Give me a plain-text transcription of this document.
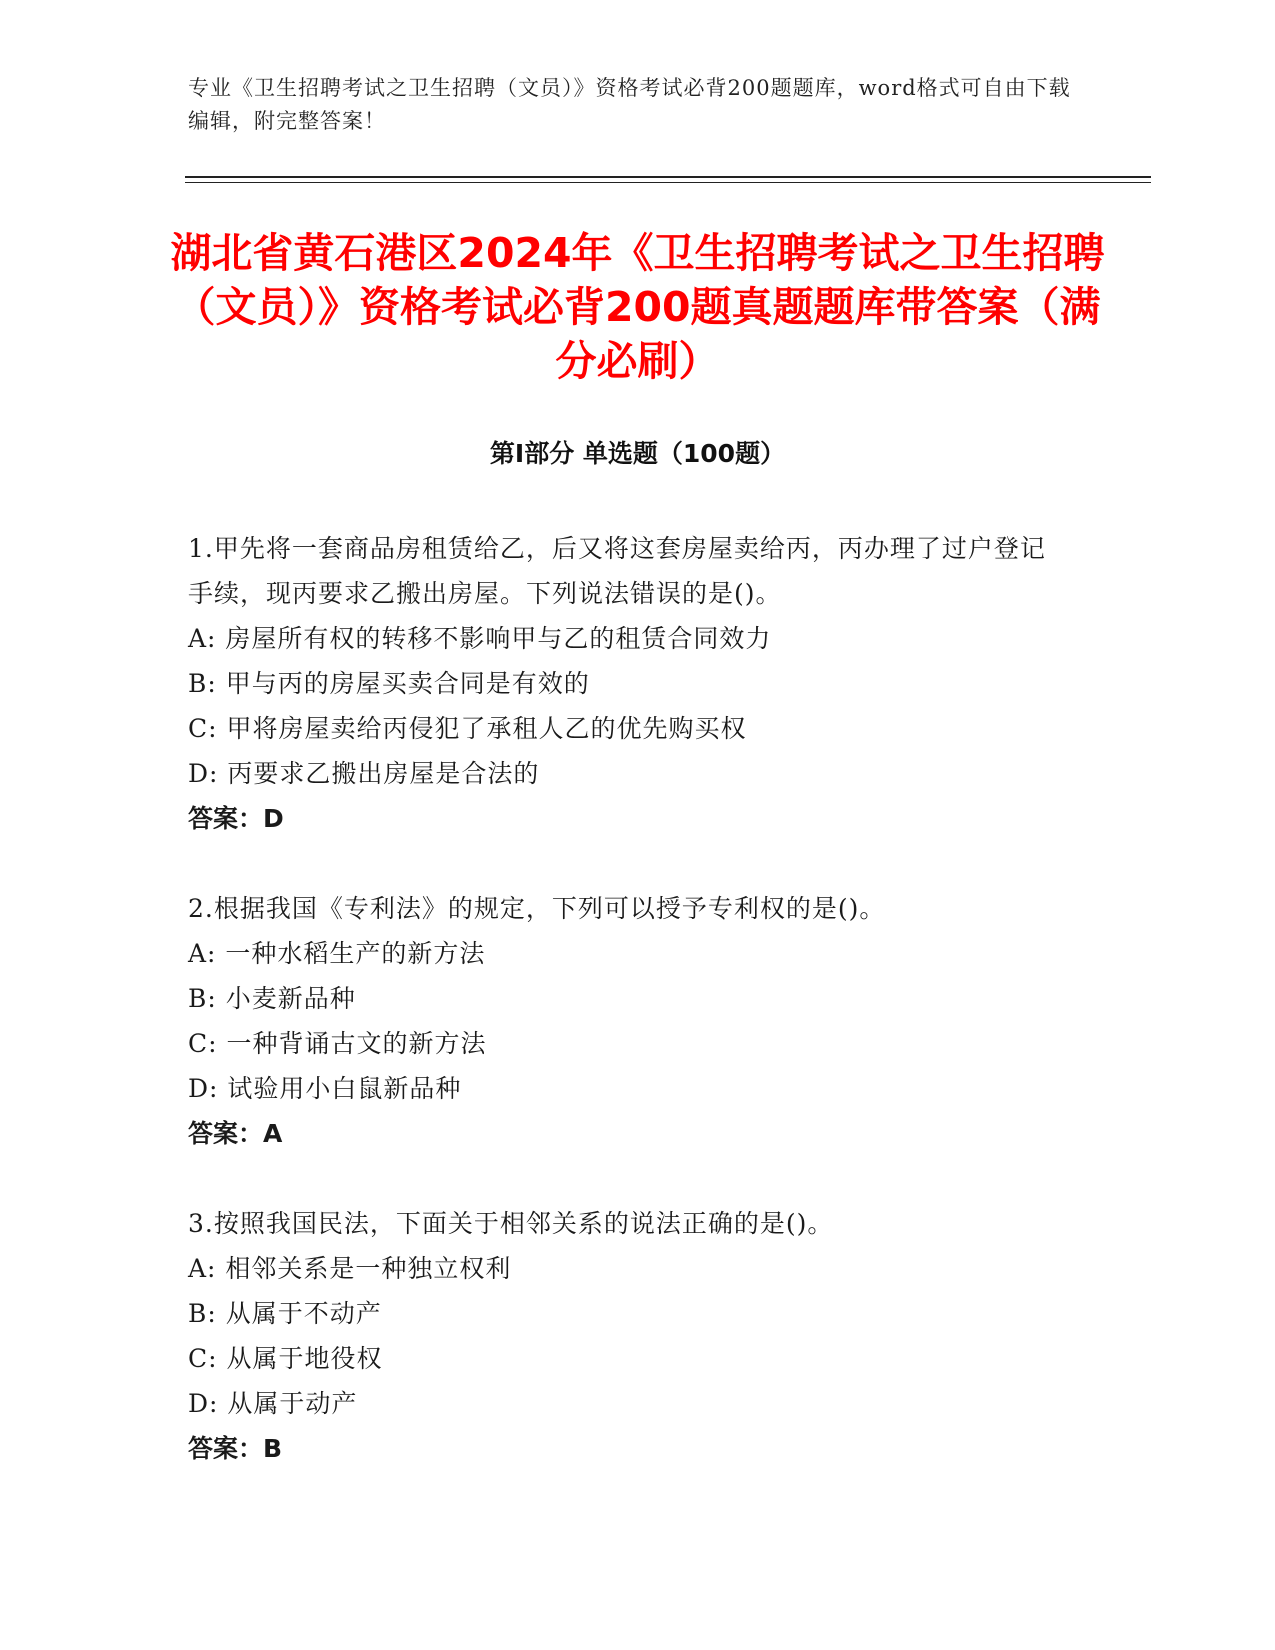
专业《卫生招聘考试之卫生招聘（文员）》资格考试必背200题题库，word格式可自由下载编辑，附完整答案！
湖北省黄石港区2024年《卫生招聘考试之卫生招聘（文员）》资格考试必背200题真题题库带答案（满分必刷）
第Ⅰ部分 单选题（100题）
1.甲先将一套商品房租赁给乙，后又将这套房屋卖给丙，丙办理了过户登记手续，现丙要求乙搬出房屋。下列说法错误的是()。
A: 房屋所有权的转移不影响甲与乙的租赁合同效力
B: 甲与丙的房屋买卖合同是有效的
C: 甲将房屋卖给丙侵犯了承租人乙的优先购买权
D: 丙要求乙搬出房屋是合法的
答案：D
2.根据我国《专利法》的规定，下列可以授予专利权的是()。
A: 一种水稻生产的新方法
B: 小麦新品种
C: 一种背诵古文的新方法
D: 试验用小白鼠新品种
答案：A
3.按照我国民法，下面关于相邻关系的说法正确的是()。
A: 相邻关系是一种独立权利
B: 从属于不动产
C: 从属于地役权
D: 从属于动产
答案：B
